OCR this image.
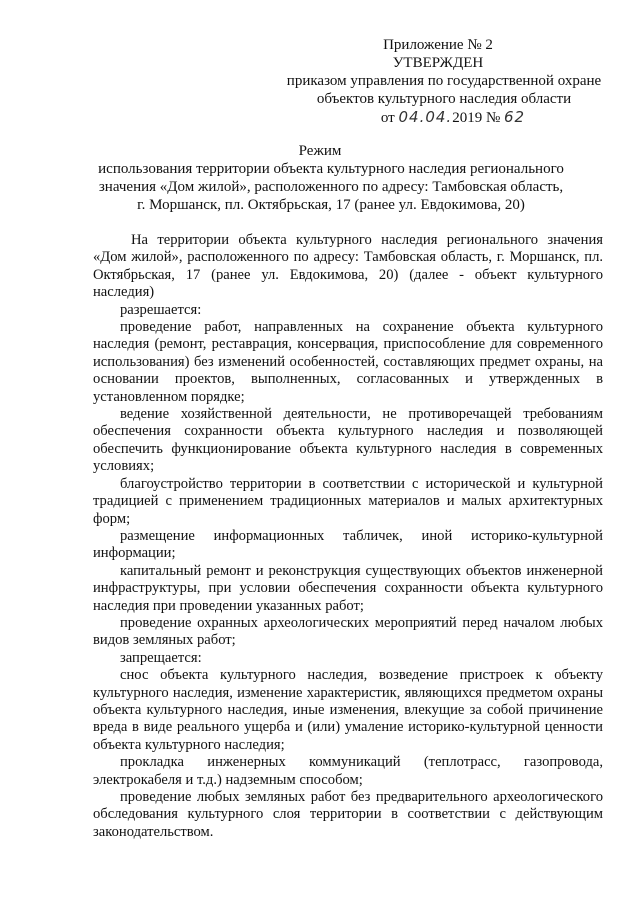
Приложение № 2
УТВЕРЖДЕН
приказом управления по государственной охране
объектов культурного наследия области
от 04.04.2019 № 62
Режим
использования территории объекта культурного наследия регионального значения «Дом жилой», расположенного по адресу: Тамбовская область, г. Моршанск, пл. Октябрьская, 17 (ранее ул. Евдокимова, 20)

На территории объекта культурного наследия регионального значения «Дом жилой», расположенного по адресу: Тамбовская область, г. Моршанск, пл. Октябрьская, 17 (ранее ул. Евдокимова, 20) (далее - объект культурного наследия)

разрешается:

проведение работ, направленных на сохранение объекта культурного наследия (ремонт, реставрация, консервация, приспособление для современного использования) без изменений особенностей, составляющих предмет охраны, на основании проектов, выполненных, согласованных и утвержденных в установленном порядке;

ведение хозяйственной деятельности, не противоречащей требованиям обеспечения сохранности объекта культурного наследия и позволяющей обеспечить функционирование объекта культурного наследия в современных условиях;

благоустройство территории в соответствии с исторической и культурной традицией с применением традиционных материалов и малых архитектурных форм;

размещение информационных табличек, иной историко-культурной информации;

капитальный ремонт и реконструкция существующих объектов инженерной инфраструктуры, при условии обеспечения сохранности объекта культурного наследия при проведении указанных работ;

проведение охранных археологических мероприятий перед началом любых видов земляных работ;

запрещается:

снос объекта культурного наследия, возведение пристроек к объекту культурного наследия, изменение характеристик, являющихся предметом охраны объекта культурного наследия, иные изменения, влекущие за собой причинение вреда в виде реального ущерба и (или) умаление историко-культурной ценности объекта культурного наследия;

прокладка инженерных коммуникаций (теплотрасс, газопровода, электрокабеля и т.д.) надземным способом;

проведение любых земляных работ без предварительного археологического обследования культурного слоя территории в соответствии с действующим законодательством.
